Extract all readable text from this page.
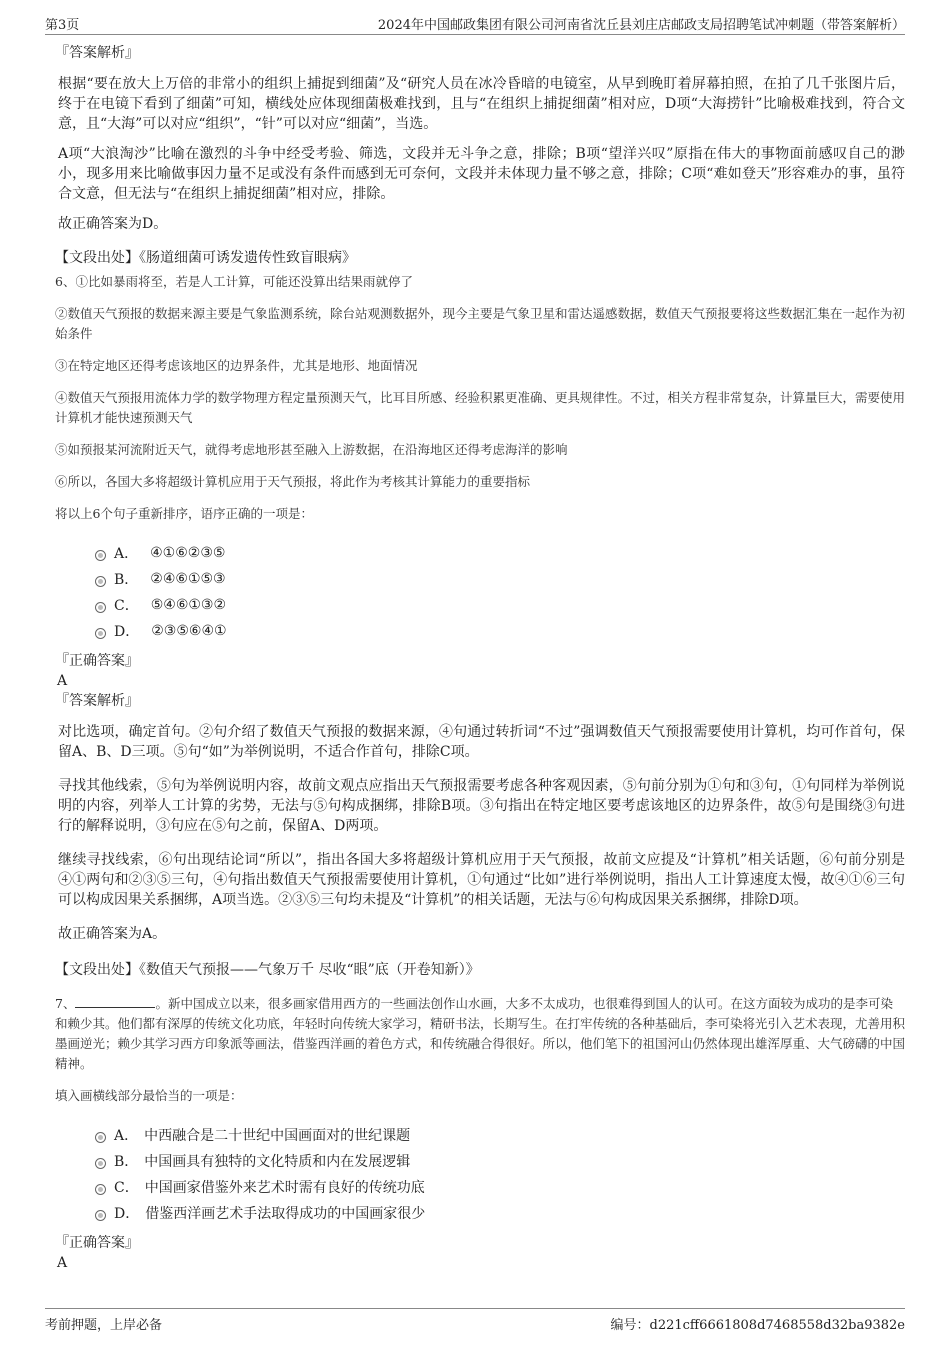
第3页	2024年中国邮政集团有限公司河南省沈丘县刘庄店邮政支局招聘笔试冲刺题（带答案解析）

『答案解析』

根据“要在放大上万倍的非常小的组织上捕捉到细菌”及“研究人员在冰冷昏暗的电镜室，从早到晚盯着屏幕拍照，在拍了几千张图片后，终于在电镜下看到了细菌”可知，横线处应体现细菌极难找到，且与“在组织上捕捉细菌”相对应，D项“大海捞针”比喻极难找到，符合文意，且“大海”可以对应“组织”，“针”可以对应“细菌”，当选。

A项“大浪淘沙”比喻在激烈的斗争中经受考验、筛选，文段并无斗争之意，排除；B项“望洋兴叹”原指在伟大的事物面前感叹自己的渺小，现多用来比喻做事因力量不足或没有条件而感到无可奈何，文段并未体现力量不够之意，排除；C项“难如登天”形容难办的事，虽符合文意，但无法与“在组织上捕捉细菌”相对应，排除。

故正确答案为D。

【文段出处】《肠道细菌可诱发遗传性致盲眼病》

6、①比如暴雨将至，若是人工计算，可能还没算出结果雨就停了

②数值天气预报的数据来源主要是气象监测系统，除台站观测数据外，现今主要是气象卫星和雷达遥感数据，数值天气预报要将这些数据汇集在一起作为初始条件

③在特定地区还得考虑该地区的边界条件，尤其是地形、地面情况

④数值天气预报用流体力学的数学物理方程定量预测天气，比耳目所感、经验积累更准确、更具规律性。不过，相关方程非常复杂，计算量巨大，需要使用计算机才能快速预测天气

⑤如预报某河流附近天气，就得考虑地形甚至融入上游数据，在沿海地区还得考虑海洋的影响

⑥所以，各国大多将超级计算机应用于天气预报，将此作为考核其计算能力的重要指标

将以上6个句子重新排序，语序正确的一项是：

A． ④①⑥②③⑤
B． ②④⑥①⑤③
C． ⑤④⑥①③②
D． ②③⑤⑥④①

『正确答案』

A

『答案解析』

对比选项，确定首句。②句介绍了数值天气预报的数据来源，④句通过转折词“不过”强调数值天气预报需要使用计算机，均可作首句，保留A、B、D三项。⑤句“如”为举例说明，不适合作首句，排除C项。

寻找其他线索，⑤句为举例说明内容，故前文观点应指出天气预报需要考虑各种客观因素，⑤句前分别为①句和③句，①句同样为举例说明的内容，列举人工计算的劣势，无法与⑤句构成捆绑，排除B项。③句指出在特定地区要考虑该地区的边界条件，故⑤句是围绕③句进行的解释说明，③句应在⑤句之前，保留A、D两项。

继续寻找线索，⑥句出现结论词“所以”，指出各国大多将超级计算机应用于天气预报，故前文应提及“计算机”相关话题，⑥句前分别是④①两句和②③⑤三句，④句指出数值天气预报需要使用计算机，①句通过“比如”进行举例说明，指出人工计算速度太慢，故④①⑥三句可以构成因果关系捆绑，A项当选。②③⑤三句均未提及“计算机”的相关话题，无法与⑥句构成因果关系捆绑，排除D项。

故正确答案为A。

【文段出处】《数值天气预报——气象万千 尽收“眼”底（开卷知新）》

7、	。新中国成立以来，很多画家借用西方的一些画法创作山水画，大多不太成功，也很难得到国人的认可。在这方面较为成功的是李可染和赖少其。他们都有深厚的传统文化功底，年轻时向传统大家学习，精研书法，长期写生。在打牢传统的各种基础后，李可染将光引入艺术表现，尤善用积墨画逆光；赖少其学习西方印象派等画法，借鉴西洋画的着色方式，和传统融合得很好。所以，他们笔下的祖国河山仍然体现出雄浑厚重、大气磅礴的中国精神。

填入画横线部分最恰当的一项是：

A． 中西融合是二十世纪中国画面对的世纪课题
B． 中国画具有独特的文化特质和内在发展逻辑
C． 中国画家借鉴外来艺术时需有良好的传统功底
D． 借鉴西洋画艺术手法取得成功的中国画家很少

『正确答案』

A

考前押题，上岸必备	编号：d221cff6661808d7468558d32ba9382e
